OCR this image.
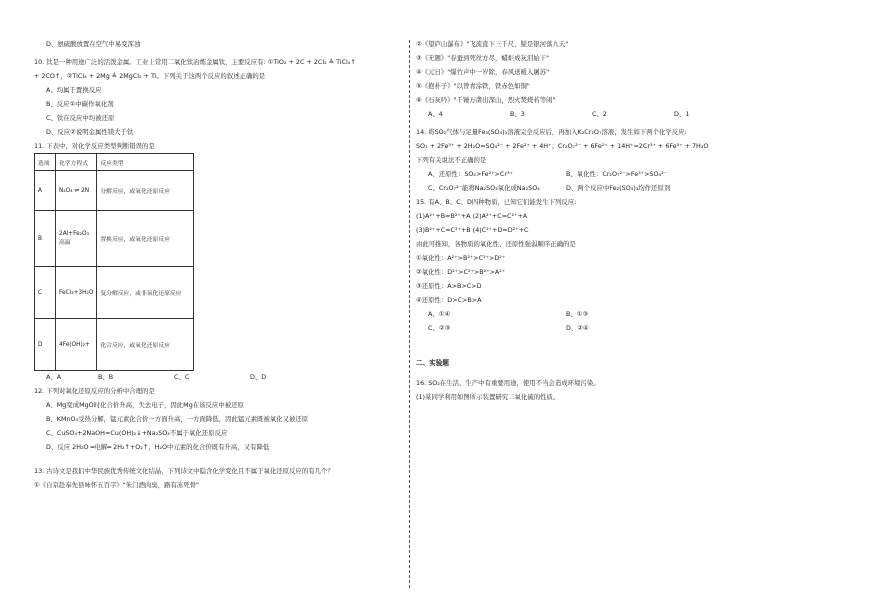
D、氨硫酸放置在空气中易变浑浊

10. 钛是一种用途广泛的活泼金属。工业上常用二氧化钛冶炼金属钛，主要反应有: ①TiO₂ + 2C + 2Cl₂ ≜ TiCl₄↑

+ 2CO↑，②TiCl₄ + 2Mg ≜ 2MgCl₂ + Ti。下列关于这两个反应的叙述正确的是

A、均属于置换反应

B、反应①中碳作氧化剂

C、钛在反应中均被还原

D、反应②说明金属性镁大于钛

11. 下表中，对化学反应类型判断错误的是

选项	化学方程式	反应类型
A	N₂O₄ ⇌ 2N	分解反应，或氧化还原反应
B	2Al+Fe₂O₃ 高温	置换反应，或氧化还原反应
C	FeCl₃+3H₂O	复分解反应，或非氧化还原反应
D	4Fe(OH)₂+	化合反应，或氧化还原反应
A、A	B、B	C、C	D、D

12. 下列对氧化还原反应的分析中合理的是

A、Mg变成MgO时化合价升高，失去电子，因此Mg在该反应中被还原

B、KMnO₄受热分解，锰元素化合价一方面升高，一方面降低，因此锰元素既被氧化又被还原

C、CuSO₄+2NaOH=Cu(OH)₂↓+Na₂SO₄不属于氧化还原反应

D、反应 2H₂O ═电解═ 2H₂↑+O₂↑，H₂O中元素的化合价既有升高，又有降低

13. 古诗文是我们中华民族优秀传统文化结晶，下列诗文中隐含化学变化且不属于氧化还原反应的有几个？

①《自京赴奉先县咏怀五百字》"朱门酒肉臭，路有冻死骨"

②《望庐山瀑布》"飞流直下三千尺，疑是银河落九天"

③《无题》"春蚕到死丝方尽，蜡炬成灰泪始干"

④《元日》"爆竹声中一岁除，春风送暖入屠苏"

⑤《抱朴子》"以曾青涂铁，铁赤色如铜"

⑥《石灰吟》"千锤万凿出深山，烈火焚烧若等闲"

A、4	B、3	C、2	D、1

14. 将SO₂气体与足量Fe₂(SO₄)₃溶液完全反应后，再加入K₂Cr₂O₇溶液，发生如下两个化学反应:

SO₂ + 2Fe³⁺ + 2H₂O=SO₄²⁻ + 2Fe²⁺ + 4H⁺；Cr₂O₇²⁻ + 6Fe²⁺ + 14H⁺=2Cr³⁺ + 6Fe³⁺ + 7H₂O

下列有关说法不正确的是

A、还原性：SO₂>Fe²⁺>Cr³⁺	B、氧化性：Cr₂O₇²⁻>Fe³⁺>SO₄²⁻
C、Cr₂O₇²⁻能将Na₂SO₃氧化成Na₂SO₄	D、两个反应中Fe₂(SO₄)₃均作还原剂

15. 有A、B、C、D四种物质，已知它们能发生下列反应:

(1)A²⁺+B=B²⁺+A (2)A²⁺+C=C²⁺+A

(3)B²⁺+C=C²⁺+B (4)C²⁺+D=D²⁺+C

由此可推知，各物质的氧化性、还原性强弱顺序正确的是

①氧化性：A²⁺>B²⁺>C²⁺>D²⁺

②氧化性：D²⁺>C²⁺>B²⁺>A²⁺

③还原性：A>B>C>D

④还原性：D>C>B>A

A、①④	B、①③
C、②③	D、②④

二、实验题

16. SO₂在生活、生产中有重要用途，使用不当会造成环境污染。

(1)某同学利用如图所示装置研究二氧化硫的性质。
